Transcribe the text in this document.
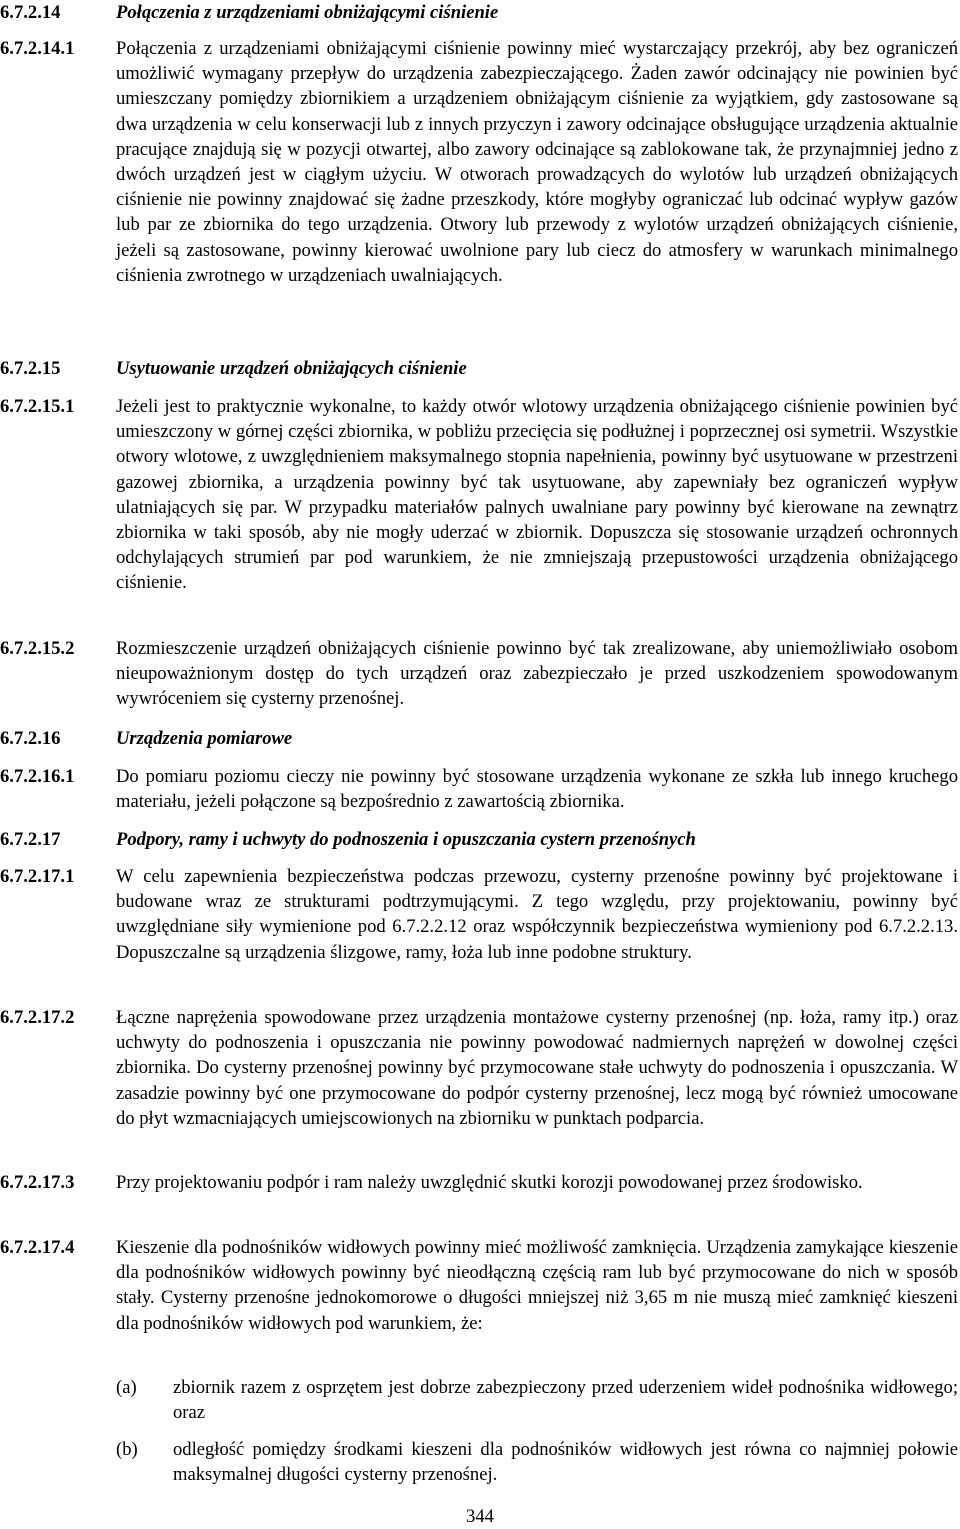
6.7.2.14	Połączenia z urządzeniami obniżającymi ciśnienie
6.7.2.14.1	Połączenia z urządzeniami obniżającymi ciśnienie powinny mieć wystarczający przekrój, aby bez ograniczeń umożliwić wymagany przepływ do urządzenia zabezpieczającego. Żaden zawór odcinający nie powinien być umieszczany pomiędzy zbiornikiem a urządzeniem obniżającym ciśnienie za wyjątkiem, gdy zastosowane są dwa urządzenia w celu konserwacji lub z innych przyczyn i zawory odcinające obsługujące urządzenia aktualnie pracujące znajdują się w pozycji otwartej, albo zawory odcinające są zablokowane tak, że przynajmniej jedno z dwóch urządzeń jest w ciągłym użyciu. W otworach prowadzących do wylotów lub urządzeń obniżających ciśnienie nie powinny znajdować się żadne przeszkody, które mogłyby ograniczać lub odcinać wypływ gazów lub par ze zbiornika do tego urządzenia. Otwory lub przewody z wylotów urządzeń obniżających ciśnienie, jeżeli są zastosowane, powinny kierować uwolnione pary lub ciecz do atmosfery w warunkach minimalnego ciśnienia zwrotnego w urządzeniach uwalniających.
6.7.2.15	Usytuowanie urządzeń obniżających ciśnienie
6.7.2.15.1	Jeżeli jest to praktycznie wykonalne, to każdy otwór wlotowy urządzenia obniżającego ciśnienie powinien być umieszczony w górnej części zbiornika, w pobliżu przecięcia się podłużnej i poprzecznej osi symetrii. Wszystkie otwory wlotowe, z uwzględnieniem maksymalnego stopnia napełnienia, powinny być usytuowane w przestrzeni gazowej zbiornika, a urządzenia powinny być tak usytuowane, aby zapewniały bez ograniczeń wypływ ulatniających się par. W przypadku materiałów palnych uwalniane pary powinny być kierowane na zewnątrz zbiornika w taki sposób, aby nie mogły uderzać w zbiornik. Dopuszcza się stosowanie urządzeń ochronnych odchylających strumień par pod warunkiem, że nie zmniejszają przepustowości urządzenia obniżającego ciśnienie.
6.7.2.15.2	Rozmieszczenie urządzeń obniżających ciśnienie powinno być tak zrealizowane, aby uniemożliwiało osobom nieupoważnionym dostęp do tych urządzeń oraz zabezpieczało je przed uszkodzeniem spowodowanym wywróceniem się cysterny przenośnej.
6.7.2.16	Urządzenia pomiarowe
6.7.2.16.1	Do pomiaru poziomu cieczy nie powinny być stosowane urządzenia wykonane ze szkła lub innego kruchego materiału, jeżeli połączone są bezpośrednio z zawartością zbiornika.
6.7.2.17	Podpory, ramy i uchwyty do podnoszenia i opuszczania cystern przenośnych
6.7.2.17.1	W celu zapewnienia bezpieczeństwa podczas przewozu, cysterny przenośne powinny być projektowane i budowane wraz ze strukturami podtrzymującymi. Z tego względu, przy projektowaniu, powinny być uwzględniane siły wymienione pod 6.7.2.2.12 oraz współczynnik bezpieczeństwa wymieniony pod 6.7.2.2.13. Dopuszczalne są urządzenia ślizgowe, ramy, łoża lub inne podobne struktury.
6.7.2.17.2	Łączne naprężenia spowodowane przez urządzenia montażowe cysterny przenośnej (np. łoża, ramy itp.) oraz uchwyty do podnoszenia i opuszczania nie powinny powodować nadmiernych naprężeń w dowolnej części zbiornika. Do cysterny przenośnej powinny być przymocowane stałe uchwyty do podnoszenia i opuszczania. W zasadzie powinny być one przymocowane do podpór cysterny przenośnej, lecz mogą być również umocowane do płyt wzmacniających umiejscowionych na zbiorniku w punktach podparcia.
6.7.2.17.3	Przy projektowaniu podpór i ram należy uwzględnić skutki korozji powodowanej przez środowisko.
6.7.2.17.4	Kieszenie dla podnośników widłowych powinny mieć możliwość zamknięcia. Urządzenia zamykające kieszenie dla podnośników widłowych powinny być nieodłączną częścią ram lub być przymocowane do nich w sposób stały. Cysterny przenośne jednokomorowe o długości mniejszej niż 3,65 m nie muszą mieć zamknięć kieszeni dla podnośników widłowych pod warunkiem, że:
(a)	zbiornik razem z osprzętem jest dobrze zabezpieczony przed uderzeniem wideł podnośnika widłowego; oraz
(b)	odległość pomiędzy środkami kieszeni dla podnośników widłowych jest równa co najmniej połowie maksymalnej długości cysterny przenośnej.
344
